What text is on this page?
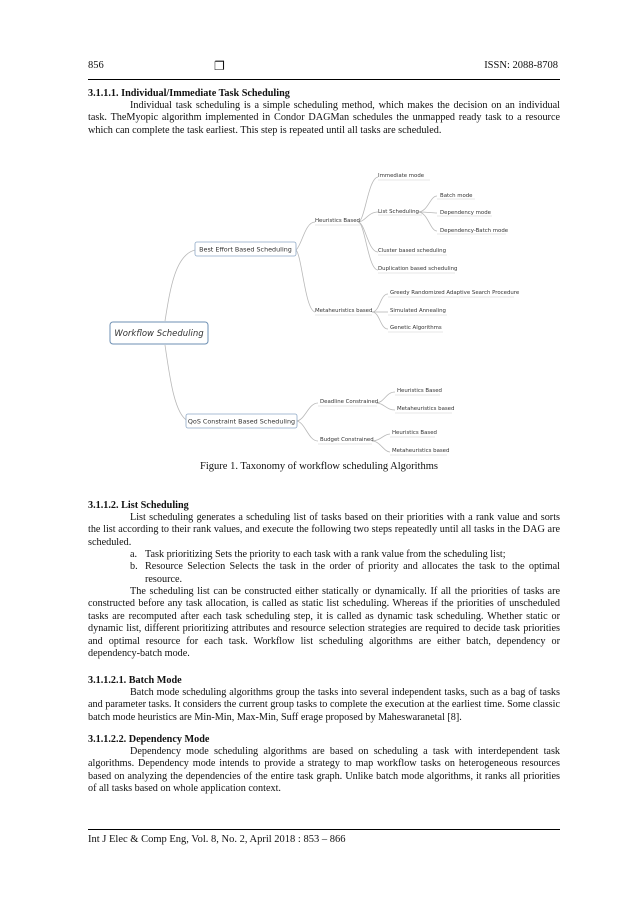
856	❐	ISSN: 2088-8708
3.1.1.1. Individual/Immediate Task Scheduling

Individual task scheduling is a simple scheduling method, which makes the decision on an individual task. TheMyopic algorithm implemented in Condor DAGMan schedules the unmapped ready task to a resource which can complete the task earliest. This step is repeated until all tasks are scheduled.

Workflow Scheduling
Best Effort Based Scheduling
QoS Constraint Based Scheduling
Heuristics Based
Immediate mode
List Scheduling
Batch mode
Dependency mode
Dependency-Batch mode
Cluster based scheduling
Duplication based scheduling
Metaheuristics based
Greedy Randomized Adaptive Search Procedure
Simulated Annealing
Genetic Algorithms
Deadline Constrained
Heuristics Based
Metaheuristics based
Budget Constrained
Heuristics Based
Metaheuristics based
Figure 1. Taxonomy of workflow scheduling Algorithms
3.1.1.2. List Scheduling

List scheduling generates a scheduling list of tasks based on their priorities with a rank value and sorts the list according to their rank values, and execute the following two steps repeatedly until all tasks in the DAG are scheduled.

a. Task prioritizing Sets the priority to each task with a rank value from the scheduling list;
b. Resource Selection Selects the task in the order of priority and allocates the task to the optimal resource.

The scheduling list can be constructed either statically or dynamically. If all the priorities of tasks are constructed before any task allocation, is called as static list scheduling. Whereas if the priorities of unscheduled tasks are recomputed after each task scheduling step, it is called as dynamic task scheduling. Whether static or dynamic list, different prioritizing attributes and resource selection strategies are required to decide task priorities and optimal resource for each task. Workflow list scheduling algorithms are either batch, dependency or dependency-batch mode.

3.1.1.2.1. Batch Mode

Batch mode scheduling algorithms group the tasks into several independent tasks, such as a bag of tasks and parameter tasks. It considers the current group tasks to complete the execution at the earliest time. Some classic batch mode heuristics are Min-Min, Max-Min, Suff erage proposed by Maheswaranetal [8].

3.1.1.2.2. Dependency Mode

Dependency mode scheduling algorithms are based on scheduling a task with interdependent task algorithms. Dependency mode intends to provide a strategy to map workflow tasks on heterogeneous resources based on analyzing the dependencies of the entire task graph. Unlike batch mode algorithms, it ranks all priorities of all tasks based on whole application context.

Int J Elec & Comp Eng, Vol. 8, No. 2, April 2018 : 853 – 866
